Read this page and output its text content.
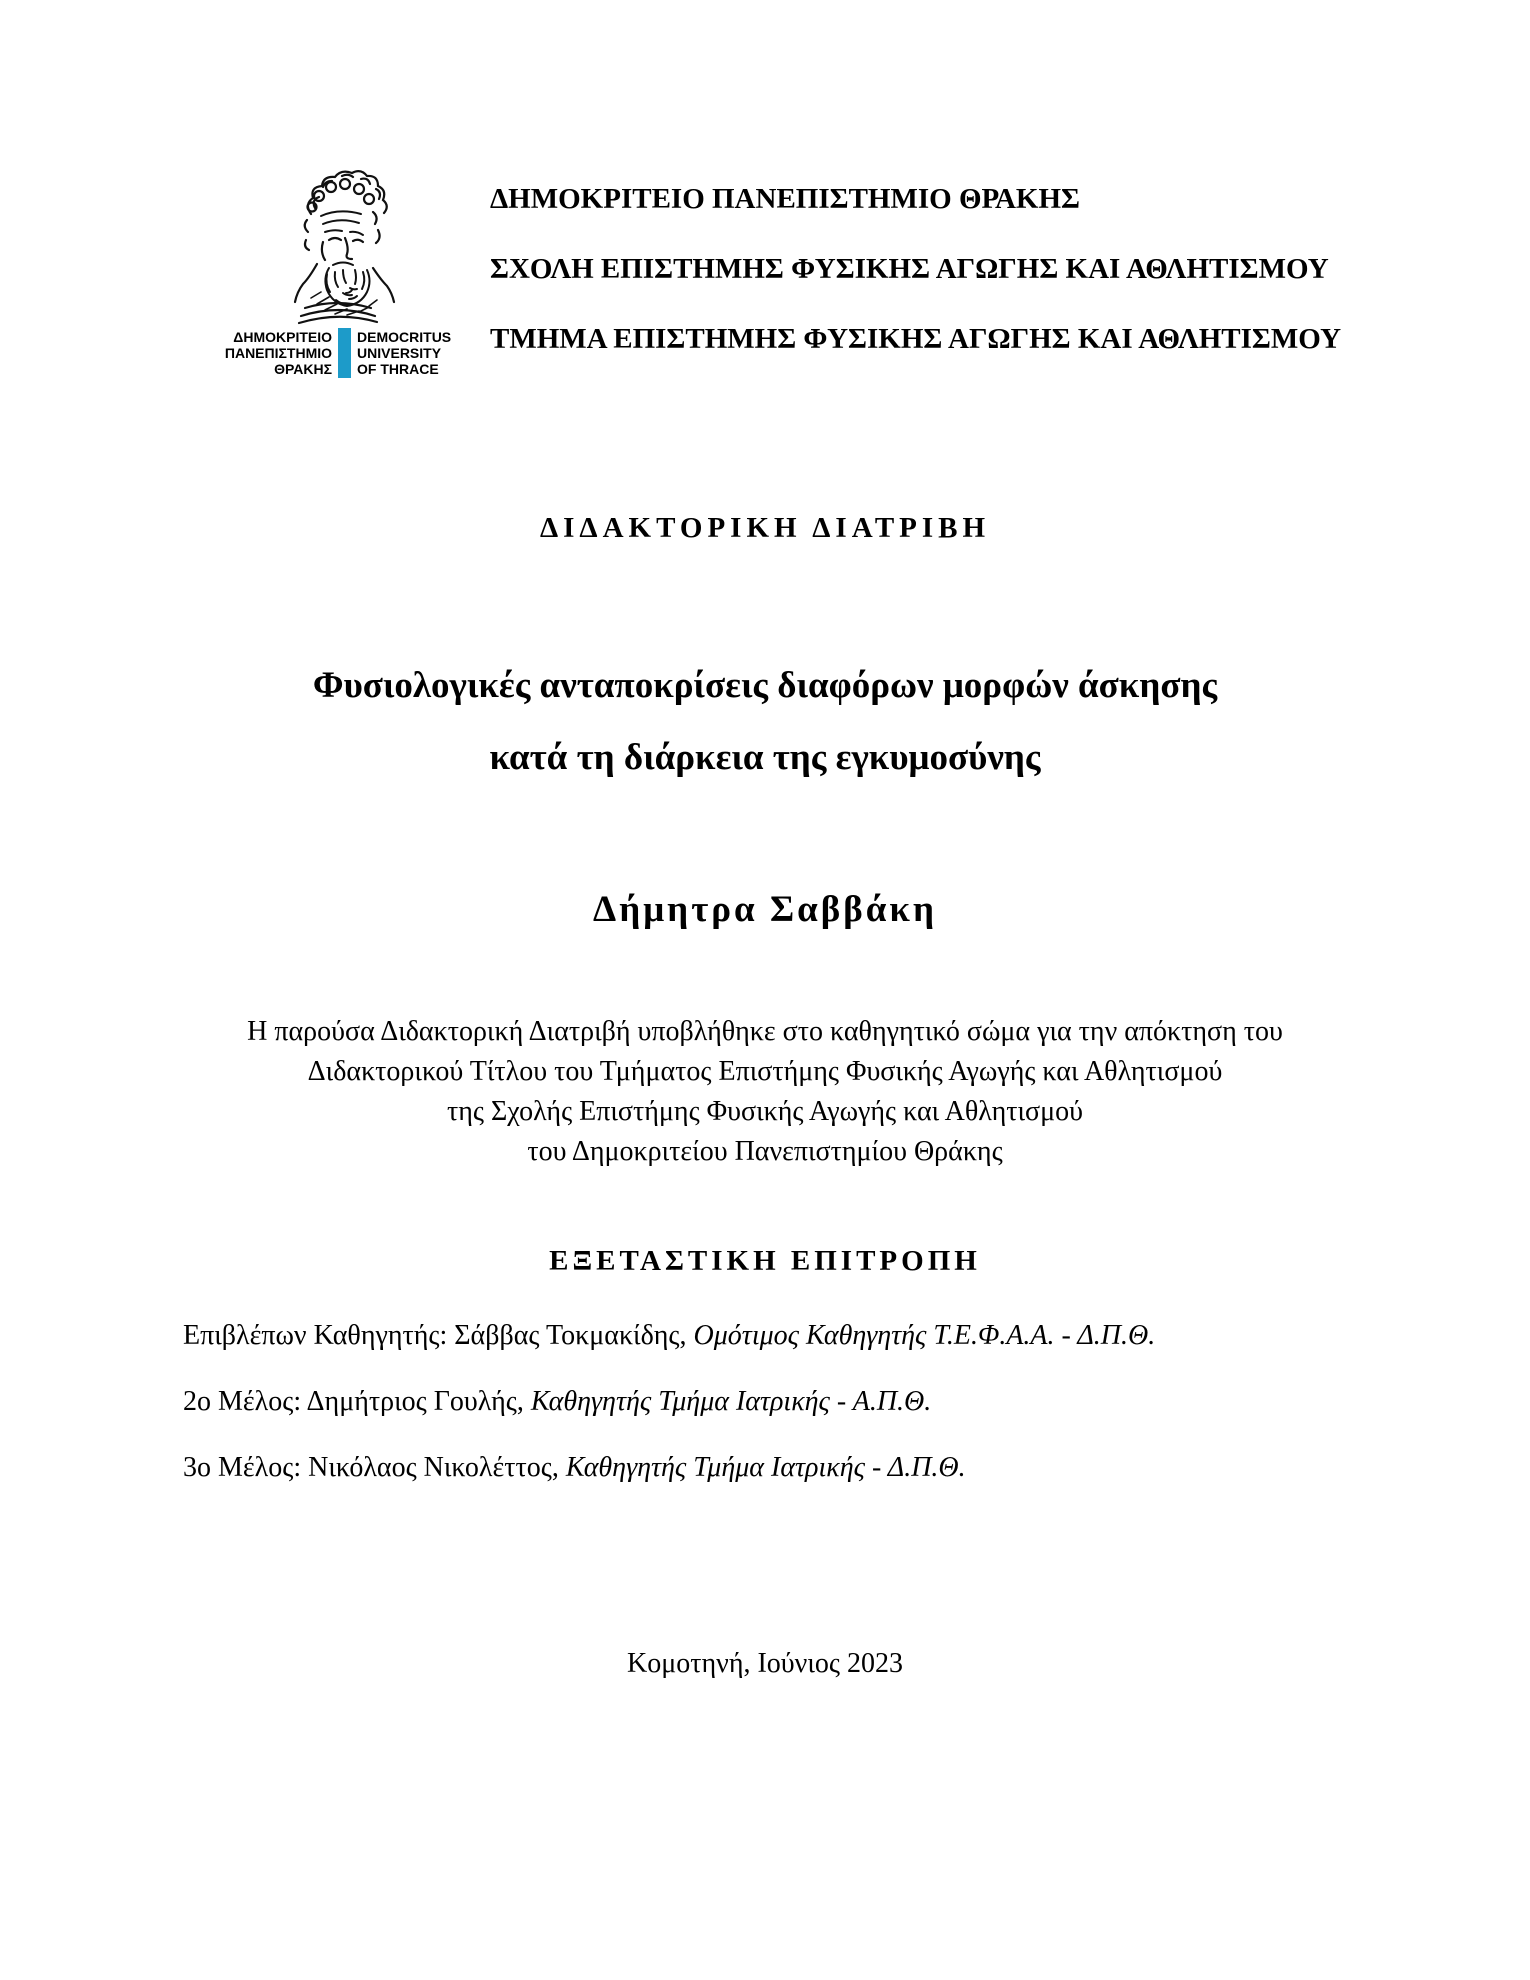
ΔΗΜΟΚΡΙΤΕΙΟ
ΠΑΝΕΠΙΣΤΗΜΙΟ
ΘΡΑΚΗΣ
DEMOCRITUS
UNIVERSITY
OF THRACE
ΔΗΜΟΚΡΙΤΕΙΟ ΠΑΝΕΠΙΣΤΗΜΙΟ ΘΡΑΚΗΣ
ΣΧΟΛΗ ΕΠΙΣΤΗΜΗΣ ΦΥΣΙΚΗΣ ΑΓΩΓΗΣ ΚΑΙ ΑΘΛΗΤΙΣΜΟΥ
ΤΜΗΜΑ ΕΠΙΣΤΗΜΗΣ ΦΥΣΙΚΗΣ ΑΓΩΓΗΣ ΚΑΙ ΑΘΛΗΤΙΣΜΟΥ
ΔΙΔΑΚΤΟΡΙΚΗ ΔΙΑΤΡΙΒΗ
Φυσιολογικές ανταποκρίσεις διαφόρων μορφών άσκησης
κατά τη διάρκεια της εγκυμοσύνης
Δήμητρα Σαββάκη
Η παρούσα Διδακτορική Διατριβή υποβλήθηκε στο καθηγητικό σώμα για την απόκτηση του
Διδακτορικού Τίτλου του Τμήματος Επιστήμης Φυσικής Αγωγής και Αθλητισμού
της Σχολής Επιστήμης Φυσικής Αγωγής και Αθλητισμού
του Δημοκριτείου Πανεπιστημίου Θράκης
ΕΞΕΤΑΣΤΙΚΗ ΕΠΙΤΡΟΠΗ
Επιβλέπων Καθηγητής: Σάββας Τοκμακίδης, Ομότιμος Καθηγητής Τ.Ε.Φ.Α.Α. - Δ.Π.Θ.
2ο Μέλος: Δημήτριος Γουλής, Καθηγητής Τμήμα Ιατρικής - Α.Π.Θ.
3ο Μέλος: Νικόλαος Νικολέττος, Καθηγητής Τμήμα Ιατρικής - Δ.Π.Θ.
Κομοτηνή, Ιούνιος 2023
